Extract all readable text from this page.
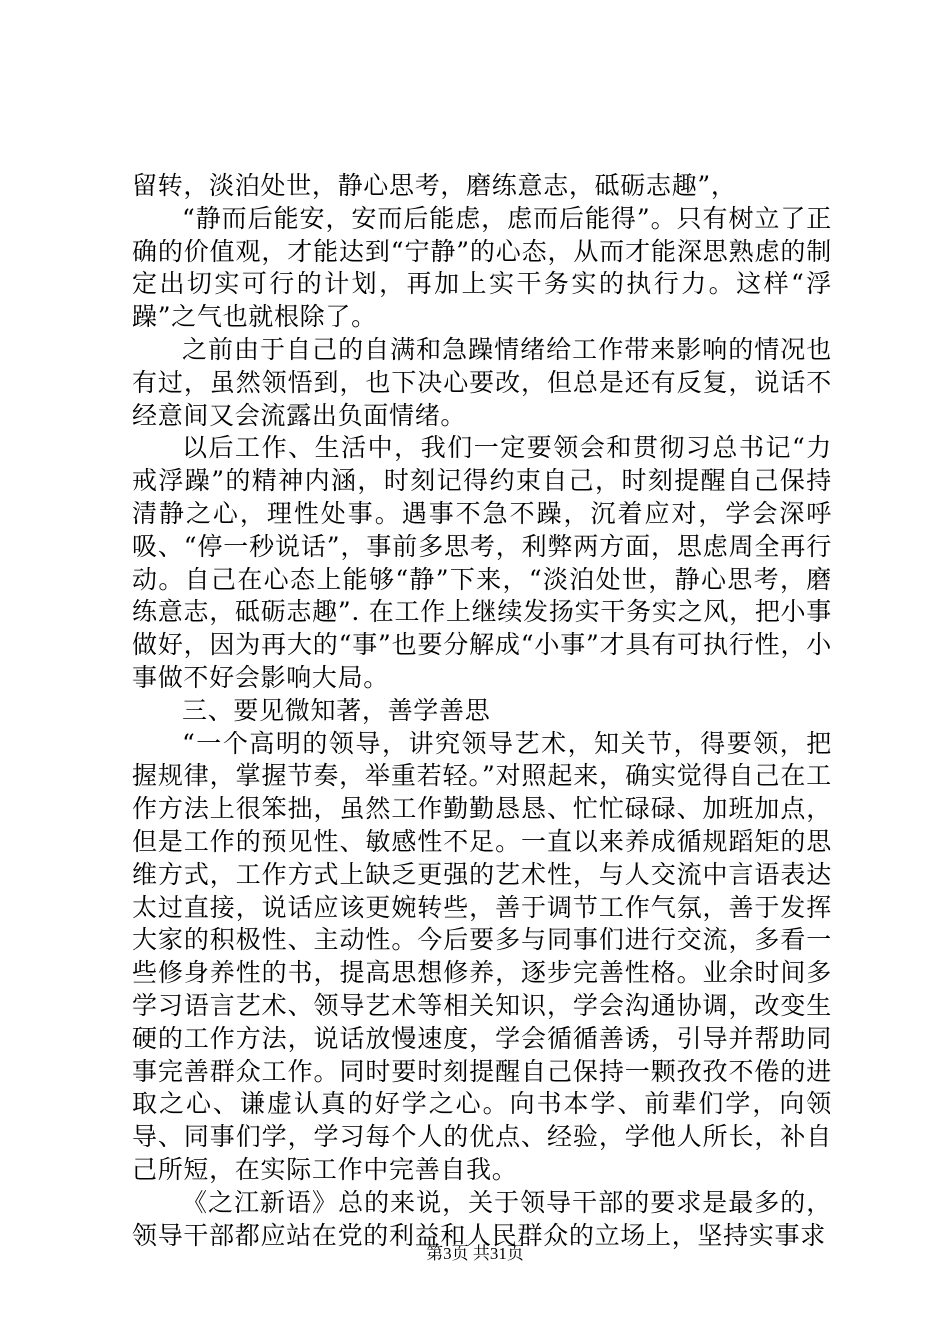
留转，淡泊处世，静心思考，磨练意志，砥砺志趣”，

“静而后能安，安而后能虑，虑而后能得”。只有树立了正确的价值观，才能达到“宁静”的心态，从而才能深思熟虑的制定出切实可行的计划，再加上实干务实的执行力。这样“浮躁”之气也就根除了。

之前由于自己的自满和急躁情绪给工作带来影响的情况也有过，虽然领悟到，也下决心要改，但总是还有反复，说话不经意间又会流露出负面情绪。

以后工作、生活中，我们一定要领会和贯彻习总书记“力戒浮躁”的精神内涵，时刻记得约束自己，时刻提醒自己保持清静之心，理性处事。遇事不急不躁，沉着应对，学会深呼吸、“停一秒说话”，事前多思考，利弊两方面，思虑周全再行动。自己在心态上能够“静”下来，“淡泊处世，静心思考，磨练意志，砥砺志趣”. 在工作上继续发扬实干务实之风，把小事做好，因为再大的“事”也要分解成“小事”才具有可执行性，小事做不好会影响大局。

三、要见微知著，善学善思

“一个高明的领导，讲究领导艺术，知关节，得要领，把握规律，掌握节奏，举重若轻。”对照起来，确实觉得自己在工作方法上很笨拙，虽然工作勤勤恳恳、忙忙碌碌、加班加点，但是工作的预见性、敏感性不足。一直以来养成循规蹈矩的思维方式，工作方式上缺乏更强的艺术性，与人交流中言语表达太过直接，说话应该更婉转些，善于调节工作气氛，善于发挥大家的积极性、主动性。今后要多与同事们进行交流，多看一些修身养性的书，提高思想修养，逐步完善性格。业余时间多学习语言艺术、领导艺术等相关知识，学会沟通协调，改变生硬的工作方法，说话放慢速度，学会循循善诱，引导并帮助同事完善群众工作。同时要时刻提醒自己保持一颗孜孜不倦的进取之心、谦虚认真的好学之心。向书本学、前辈们学，向领导、同事们学，学习每个人的优点、经验，学他人所长，补自己所短，在实际工作中完善自我。

《之江新语》总的来说，关于领导干部的要求是最多的，领导干部都应站在党的利益和人民群众的立场上，坚持实事求

第3页 共31页
